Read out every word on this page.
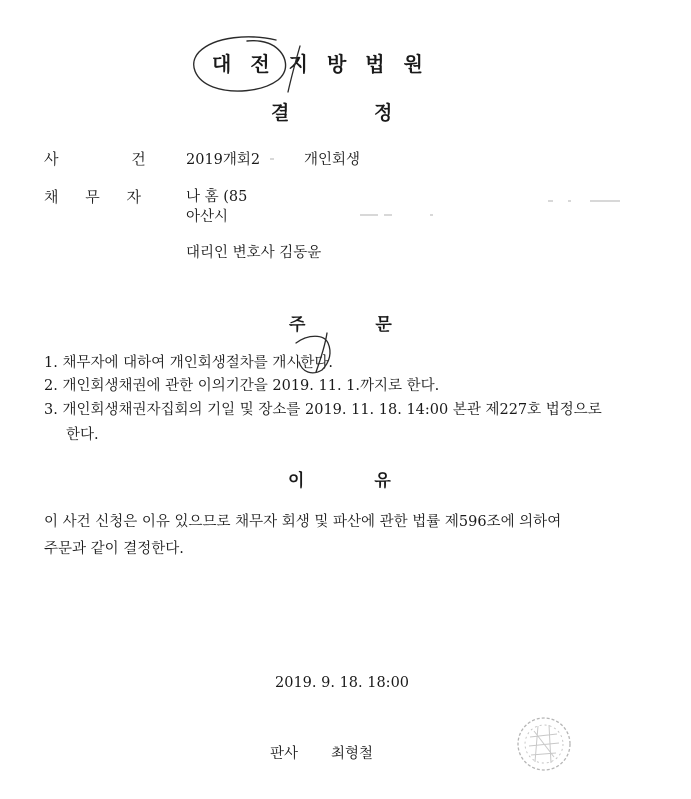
대전지방법원
결 정
사 건	2019개회2	개인회생
채 무 자	나 홈 (85
아산시
대리인 변호사 김동윤
주 문
1. 채무자에 대하여 개인회생절차를 개시한다.
2. 개인회생채권에 관한 이의기간을 2019. 11. 1.까지로 한다.
3. 개인회생채권자집회의 기일 및 장소를 2019. 11. 18. 14:00 본관 제227호 법정으로
한다.
이 유
이 사건 신청은 이유 있으므로 채무자 회생 및 파산에 관한 법률 제596조에 의하여
주문과 같이 결정한다.
2019. 9. 18. 18:00
판사 최형철
